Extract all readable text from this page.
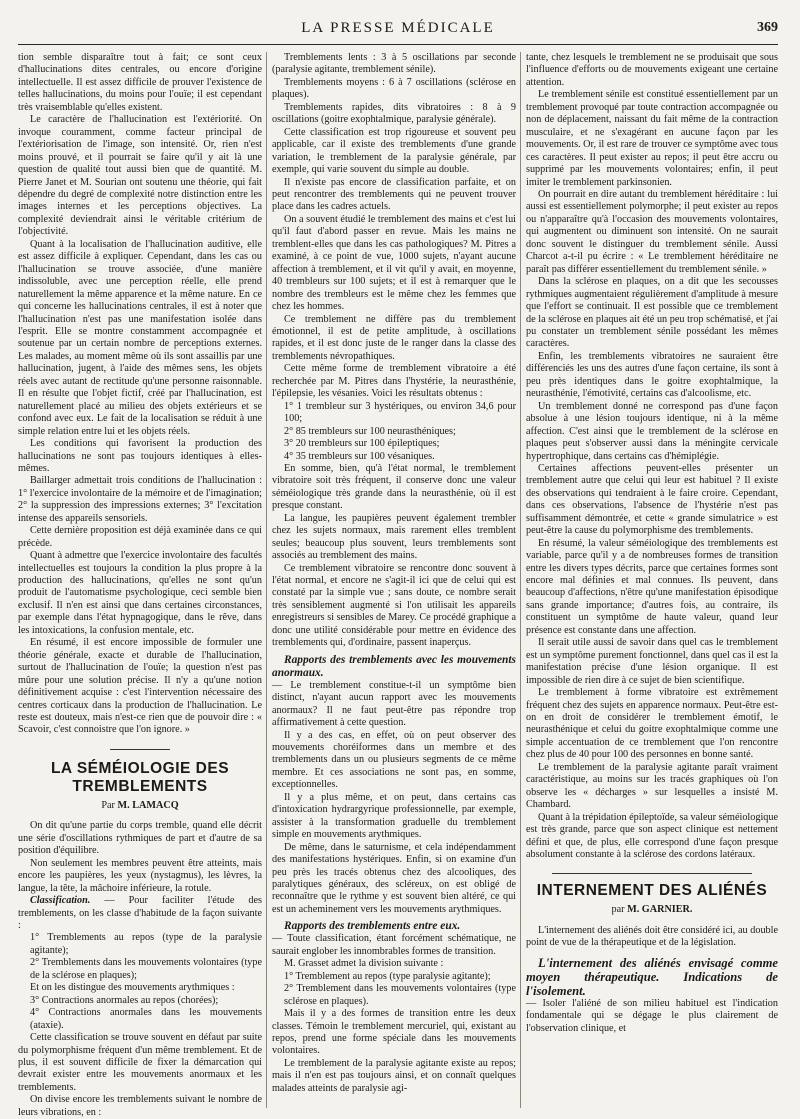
LA PRESSE MÉDICALE	369

tion semble disparaître tout à fait; ce sont ceux d'hallucinations dites centrales, ou encore d'origine intellectuelle. Il est assez difficile de prouver l'existence de telles hallucinations, du moins pour l'ouïe; il est cependant très vraisemblable qu'elles existent.

Le caractère de l'hallucination est l'extériorité. On invoque couramment, comme facteur principal de l'extériorisation de l'image, son intensité. Or, rien n'est moins prouvé, et il pourrait se faire qu'il y ait là une question de qualité tout aussi bien que de quantité. M. Pierre Janet et M. Sourian ont soutenu une théorie, qui fait dépendre du degré de complexité notre distinction entre les images internes et les perceptions objectives. La complexité deviendrait ainsi le véritable critérium de l'objectivité.

Quant à la localisation de l'hallucination auditive, elle est assez difficile à expliquer. Cependant, dans les cas ou l'hallucination se trouve associée, d'une manière indissoluble, avec une perception réelle, elle prend naturellement la même apparence et la même nature. En ce qui concerne les hallucinations centrales, il est à noter que l'hallucination n'est pas une manifestation isolée dans l'esprit. Elle se montre constamment accompagnée et soutenue par un certain nombre de perceptions externes. Les malades, au moment même où ils sont assaillis par une hallucination, jugent, à l'aide des mêmes sens, les objets réels avec autant de rectitude qu'une personne raisonnable. Il en résulte que l'objet fictif, créé par l'hallucination, est naturellement placé au milieu des objets extérieurs et se confond avec eux. Le fait de la localisation se réduit à une simple relation entre lui et les objets réels.

Les conditions qui favorisent la production des hallucinations ne sont pas toujours identiques à elles-mêmes.

Baillarger admettait trois conditions de l'hallucination : 1° l'exercice involontaire de la mémoire et de l'imagination; 2° la suppression des impressions externes; 3° l'excitation intense des appareils sensoriels.

Cette dernière proposition est déjà examinée dans ce qui précède.

Quant à admettre que l'exercice involontaire des facultés intellectuelles est toujours la condition la plus propre à la production des hallucinations, qu'elles ne sont qu'un produit de l'automatisme psychologique, ceci semble bien exclusif. Il n'en est ainsi que dans certaines circonstances, par exemple dans l'état hypnagogique, dans le rêve, dans les intoxications, la confusion mentale, etc.

En résumé, il est encore impossible de formuler une théorie générale, exacte et durable de l'hallucination, surtout de l'hallucination de l'ouïe; la question n'est pas mûre pour une solution précise. Il n'y a qu'une notion définitivement acquise : c'est l'intervention nécessaire des centres corticaux dans la production de l'hallucination. Le reste est douteux, mais n'est-ce rien que de pouvoir dire : « Scavoir, c'est connoistre que l'on ignore. »

LA SÉMÉIOLOGIE DES TREMBLEMENTS
Par M. LAMACQ

On dit qu'une partie du corps tremble, quand elle décrit une série d'oscillations rythmiques de part et d'autre de sa position d'équilibre.

Non seulement les membres peuvent être atteints, mais encore les paupières, les yeux (nystagmus), les lèvres, la langue, la tête, la mâchoire inférieure, la rotule.

Classification. — Pour faciliter l'étude des tremblements, on les classe d'habitude de la façon suivante :

1° Tremblements au repos (type de la paralysie agitante);

2° Tremblements dans les mouvements volontaires (type de la sclérose en plaques);

Et on les distingue des mouvements arythmiques :

3° Contractions anormales au repos (chorées);

4° Contractions anormales dans les mouvements (ataxie).

Cette classification se trouve souvent en défaut par suite du polymorphisme fréquent d'un même tremblement. Et de plus, il est souvent difficile de fixer la démarcation qui devrait exister entre les mouvements anormaux et les tremblements.

On divise encore les tremblements suivant le nombre de leurs vibrations, en :

Tremblements lents : 3 à 5 oscillations par seconde (paralysie agitante, tremblement sénile).

Tremblements moyens : 6 à 7 oscillations (sclérose en plaques).

Tremblements rapides, dits vibratoires : 8 à 9 oscillations (goitre exophtalmique, paralysie générale).

Cette classification est trop rigoureuse et souvent peu applicable, car il existe des tremblements d'une grande variation, le tremblement de la paralysie générale, par exemple, qui varie souvent du simple au double.

Il n'existe pas encore de classification parfaite, et on peut rencontrer des tremblements qui ne peuvent trouver place dans les cadres actuels.

On a souvent étudié le tremblement des mains et c'est lui qu'il faut d'abord passer en revue. Mais les mains ne tremblent-elles que dans les cas pathologiques? M. Pitres a examiné, à ce point de vue, 1000 sujets, n'ayant aucune affection à tremblement, et il vit qu'il y avait, en moyenne, 40 trembleurs sur 100 sujets; et il est à remarquer que le nombre des trembleurs est le même chez les femmes que chez les hommes.

Ce tremblement ne diffère pas du tremblement émotionnel, il est de petite amplitude, à oscillations rapides, et il est donc juste de le ranger dans la classe des tremblements névropathiques.

Cette même forme de tremblement vibratoire a été recherchée par M. Pitres dans l'hystérie, la neurasthénie, l'épilepsie, les vésanies. Voici les résultats obtenus :

1° 1 trembleur sur 3 hystériques, ou environ 34,6 pour 100;

2° 85 trembleurs sur 100 neurasthéniques;

3° 20 trembleurs sur 100 épileptiques;

4° 35 trembleurs sur 100 vésaniques.

En somme, bien, qu'à l'état normal, le tremblement vibratoire soit très fréquent, il conserve donc une valeur séméiologique très grande dans la neurasthénie, où il est presque constant.

La langue, les paupières peuvent également trembler chez les sujets normaux, mais rarement elles tremblent seules; beaucoup plus souvent, leurs tremblements sont associés au tremblement des mains.

Ce tremblement vibratoire se rencontre donc souvent à l'état normal, et encore ne s'agit-il ici que de celui qui est constaté par la simple vue ; sans doute, ce nombre serait très sensiblement augmenté si l'on utilisait les appareils enregistreurs si sensibles de Marey. Ce procédé graphique a donc une utilité considérable pour mettre en évidence des tremblements qui, d'ordinaire, passent inaperçus.

Rapports des tremblements avec les mouvements anormaux.

— Le tremblement constitue-t-il un symptôme bien distinct, n'ayant aucun rapport avec les mouvements anormaux? Il ne faut peut-être pas répondre trop affirmativement à cette question.

Il y a des cas, en effet, où on peut observer des mouvements choréiformes dans un membre et des tremblements dans un ou plusieurs segments de ce même membre. Et ces associations ne sont pas, en somme, exceptionnelles.

Il y a plus même, et on peut, dans certains cas d'intoxication hydrargyrique professionnelle, par exemple, assister à la transformation graduelle du tremblement simple en mouvements arythmiques.

De même, dans le saturnisme, et cela indépendamment des manifestations hystériques. Enfin, si on examine d'un peu près les tracés obtenus chez des alcooliques, des paralytiques généraux, des scléreux, on est obligé de reconnaître que le rythme y est souvent bien altéré, ce qui est un acheminement vers les mouvements arythmiques.

Rapports des tremblements entre eux.

— Toute classification, étant forcément schématique, ne saurait englober les innombrables formes de transition.

M. Grasset admet la division suivante :

1° Tremblement au repos (type paralysie agitante);

2° Tremblement dans les mouvements volontaires (type sclérose en plaques).

Mais il y a des formes de transition entre les deux classes. Témoin le tremblement mercuriel, qui, existant au repos, prend une forme spéciale dans les mouvements volontaires.

Le tremblement de la paralysie agitante existe au repos; mais il n'en est pas toujours ainsi, et on connaît quelques malades atteints de paralysie agi-

tante, chez lesquels le tremblement ne se produisait que sous l'influence d'efforts ou de mouvements exigeant une certaine attention.

Le tremblement sénile est constitué essentiellement par un tremblement provoqué par toute contraction accompagnée ou non de déplacement, naissant du fait même de la contraction musculaire, et ne s'exagérant en aucune façon par les mouvements. Or, il est rare de trouver ce symptôme avec tous ces caractères. Il peut exister au repos; il peut être accru ou supprimé par les mouvements volontaires; enfin, il peut imiter le tremblement parkinsonien.

On pourrait en dire autant du tremblement héréditaire : lui aussi est essentiellement polymorphe; il peut exister au repos ou n'apparaître qu'à l'occasion des mouvements volontaires, qui augmentent ou diminuent son intensité. On ne saurait donc souvent le distinguer du tremblement sénile. Aussi Charcot a-t-il pu écrire : « Le tremblement héréditaire ne paraît pas différer essentiellement du tremblement sénile. »

Dans la sclérose en plaques, on a dit que les secousses rythmiques augmentaient régulièrement d'amplitude à mesure que l'effort se continuait. Il est possible que ce tremblement de la sclérose en plaques ait été un peu trop schématisé, et j'ai pu constater un tremblement sénile possédant les mêmes caractères.

Enfin, les tremblements vibratoires ne sauraient être différenciés les uns des autres d'une façon certaine, ils sont à peu près identiques dans le goitre exophtalmique, la neurasthénie, l'émotivité, certains cas d'alcoolisme, etc.

Un tremblement donné ne correspond pas d'une façon absolue à une lésion toujours identique, ni à la même affection. C'est ainsi que le tremblement de la sclérose en plaques peut s'observer aussi dans la méningite cervicale hypertrophique, dans certains cas d'hémiplégie.

Certaines affections peuvent-elles présenter un tremblement autre que celui qui leur est habituel ? Il existe des observations qui tendraient à le faire croire. Cependant, dans ces observations, l'absence de l'hystérie n'est pas suffisamment démontrée, et cette « grande simulatrice » est peut-être la cause du polymorphisme des tremblements.

En résumé, la valeur séméiologique des tremblements est variable, parce qu'il y a de nombreuses formes de transition entre les divers types décrits, parce que certaines formes sont encore mal définies et mal connues. Ils peuvent, dans beaucoup d'affections, n'être qu'une manifestation épisodique sans grande importance; d'autres fois, au contraire, ils constituent un symptôme de haute valeur, quand leur présence est constante dans une affection.

Il serait utile aussi de savoir dans quel cas le tremblement est un symptôme purement fonctionnel, dans quel cas il est la manifestation précise d'une lésion organique. Il est impossible de rien dire à ce sujet de bien scientifique.

Le tremblement à forme vibratoire est extrêmement fréquent chez des sujets en apparence normaux. Peut-être est-on en droit de considérer le tremblement émotif, le neurasthénique et celui du goitre exophtalmique comme une simple accentuation de ce tremblement que l'on rencontre chez plus de 40 pour 100 des personnes en bonne santé.

Le tremblement de la paralysie agitante paraît vraiment caractéristique, au moins sur les tracés graphiques où l'on observe les « décharges » sur lesquelles a insisté M. Chambard.

Quant à la trépidation épileptoïde, sa valeur séméiologique est très grande, parce que son aspect clinique est nettement défini et que, de plus, elle correspond d'une façon presque absolument constante à la sclérose des cordons latéraux.

INTERNEMENT DES ALIÉNÉS
par M. GARNIER.

L'internement des aliénés doit être considéré ici, au double point de vue de la thérapeutique et de la législation.

L'internement des aliénés envisagé comme moyen thérapeutique. Indications de l'isolement.

— Isoler l'aliéné de son milieu habituel est l'indication fondamentale qui se dégage le plus clairement de l'observation clinique, et
